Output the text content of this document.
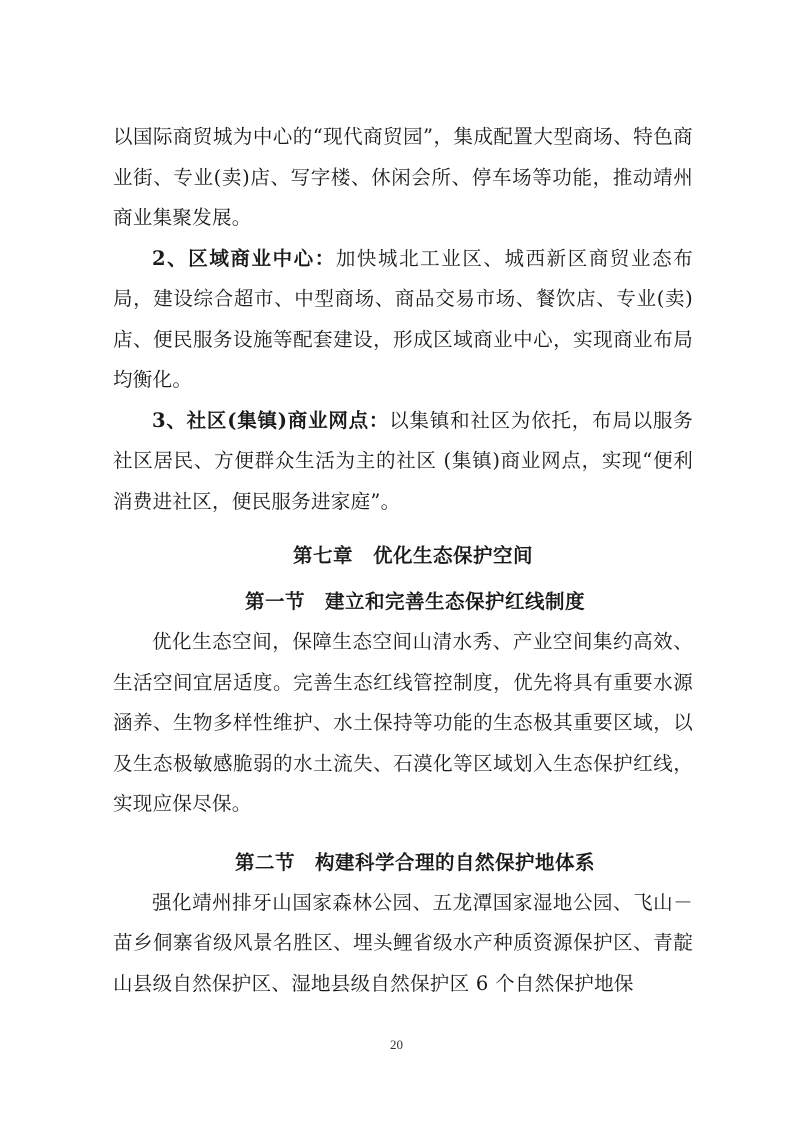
以国际商贸城为中心的“现代商贸园”，集成配置大型商场、特色商业街、专业(卖)店、写字楼、休闲会所、停车场等功能，推动靖州商业集聚发展。

2、区域商业中心：加快城北工业区、城西新区商贸业态布局，建设综合超市、中型商场、商品交易市场、餐饮店、专业(卖)店、便民服务设施等配套建设，形成区域商业中心，实现商业布局均衡化。

3、社区(集镇)商业网点：以集镇和社区为依托，布局以服务社区居民、方便群众生活为主的社区 (集镇)商业网点，实现“便利消费进社区，便民服务进家庭”。

第七章　优化生态保护空间
第一节　建立和完善生态保护红线制度

优化生态空间，保障生态空间山清水秀、产业空间集约高效、生活空间宜居适度。完善生态红线管控制度，优先将具有重要水源涵养、生物多样性维护、水土保持等功能的生态极其重要区域，以及生态极敏感脆弱的水土流失、石漠化等区域划入生态保护红线，实现应保尽保。

第二节　构建科学合理的自然保护地体系

强化靖州排牙山国家森林公园、五龙潭国家湿地公园、飞山－苗乡侗寨省级风景名胜区、埋头鲤省级水产种质资源保护区、青靛山县级自然保护区、湿地县级自然保护区 6 个自然保护地保

20
